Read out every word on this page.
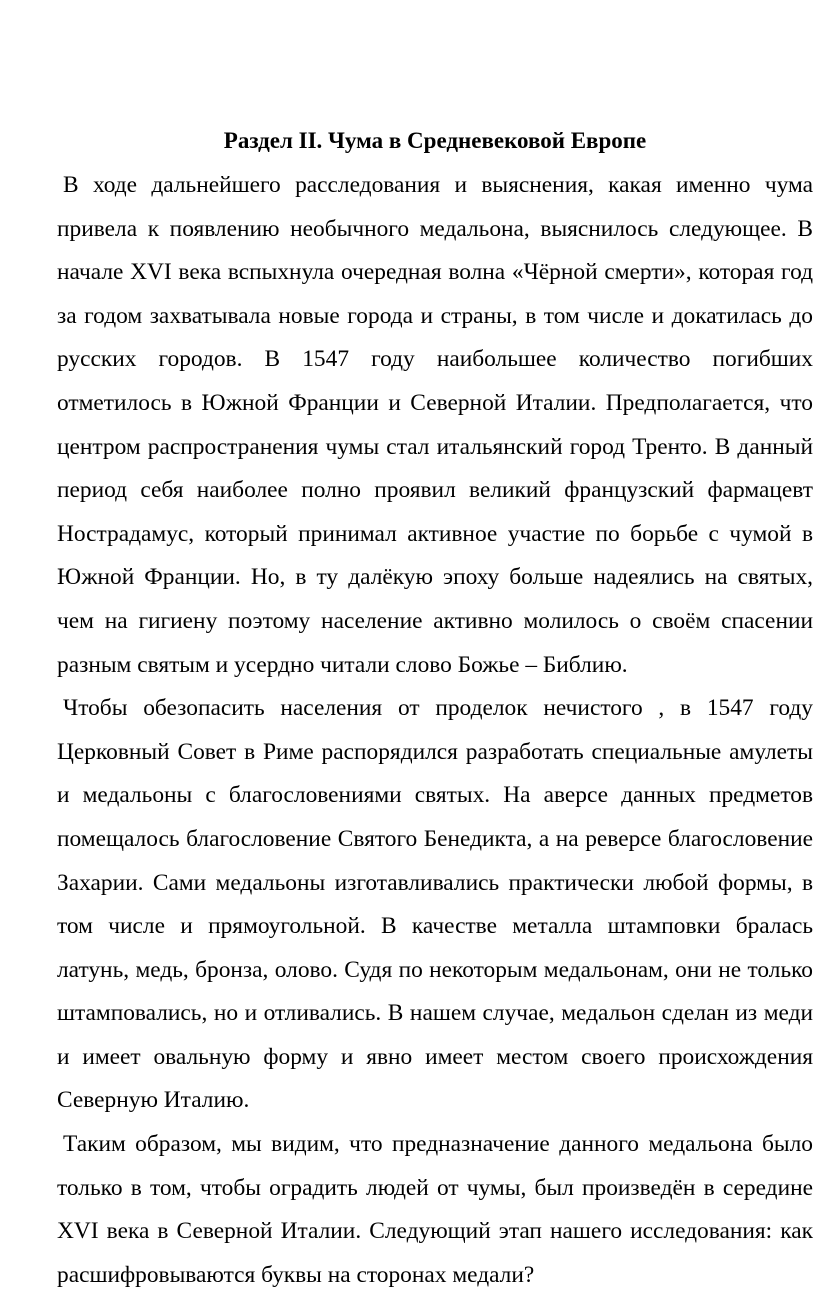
Раздел II. Чума в Средневековой Европе

В ходе дальнейшего расследования и выяснения, какая именно чума привела к появлению необычного медальона, выяснилось следующее. В начале XVI века вспыхнула очередная волна «Чёрной смерти», которая год за годом захватывала новые города и страны, в том числе и докатилась до русских городов. В 1547 году наибольшее количество погибших отметилось в Южной Франции и Северной Италии. Предполагается, что центром распространения чумы стал итальянский город Тренто. В данный период себя наиболее полно проявил великий французский фармацевт Нострадамус, который принимал активное участие по борьбе с чумой в Южной Франции. Но, в ту далёкую эпоху больше надеялись на святых, чем на гигиену поэтому население активно молилось о своём спасении разным святым и усердно читали слово Божье – Библию.

Чтобы обезопасить населения от проделок нечистого , в 1547 году Церковный Совет в Риме распорядился разработать специальные амулеты и медальоны с благословениями святых. На аверсе данных предметов помещалось благословение Святого Бенедикта, а на реверсе благословение Захарии. Сами медальоны изготавливались практически любой формы, в том числе и прямоугольной. В качестве металла штамповки бралась латунь, медь, бронза, олово. Судя по некоторым медальонам, они не только штамповались, но и отливались. В нашем случае, медальон сделан из меди и имеет овальную форму и явно имеет местом своего происхождения Северную Италию.

Таким образом, мы видим, что предназначение данного медальона было только в том, чтобы оградить людей от чумы, был произведён в середине XVI века в Северной Италии. Следующий этап нашего исследования: как расшифровываются буквы на сторонах медали?
